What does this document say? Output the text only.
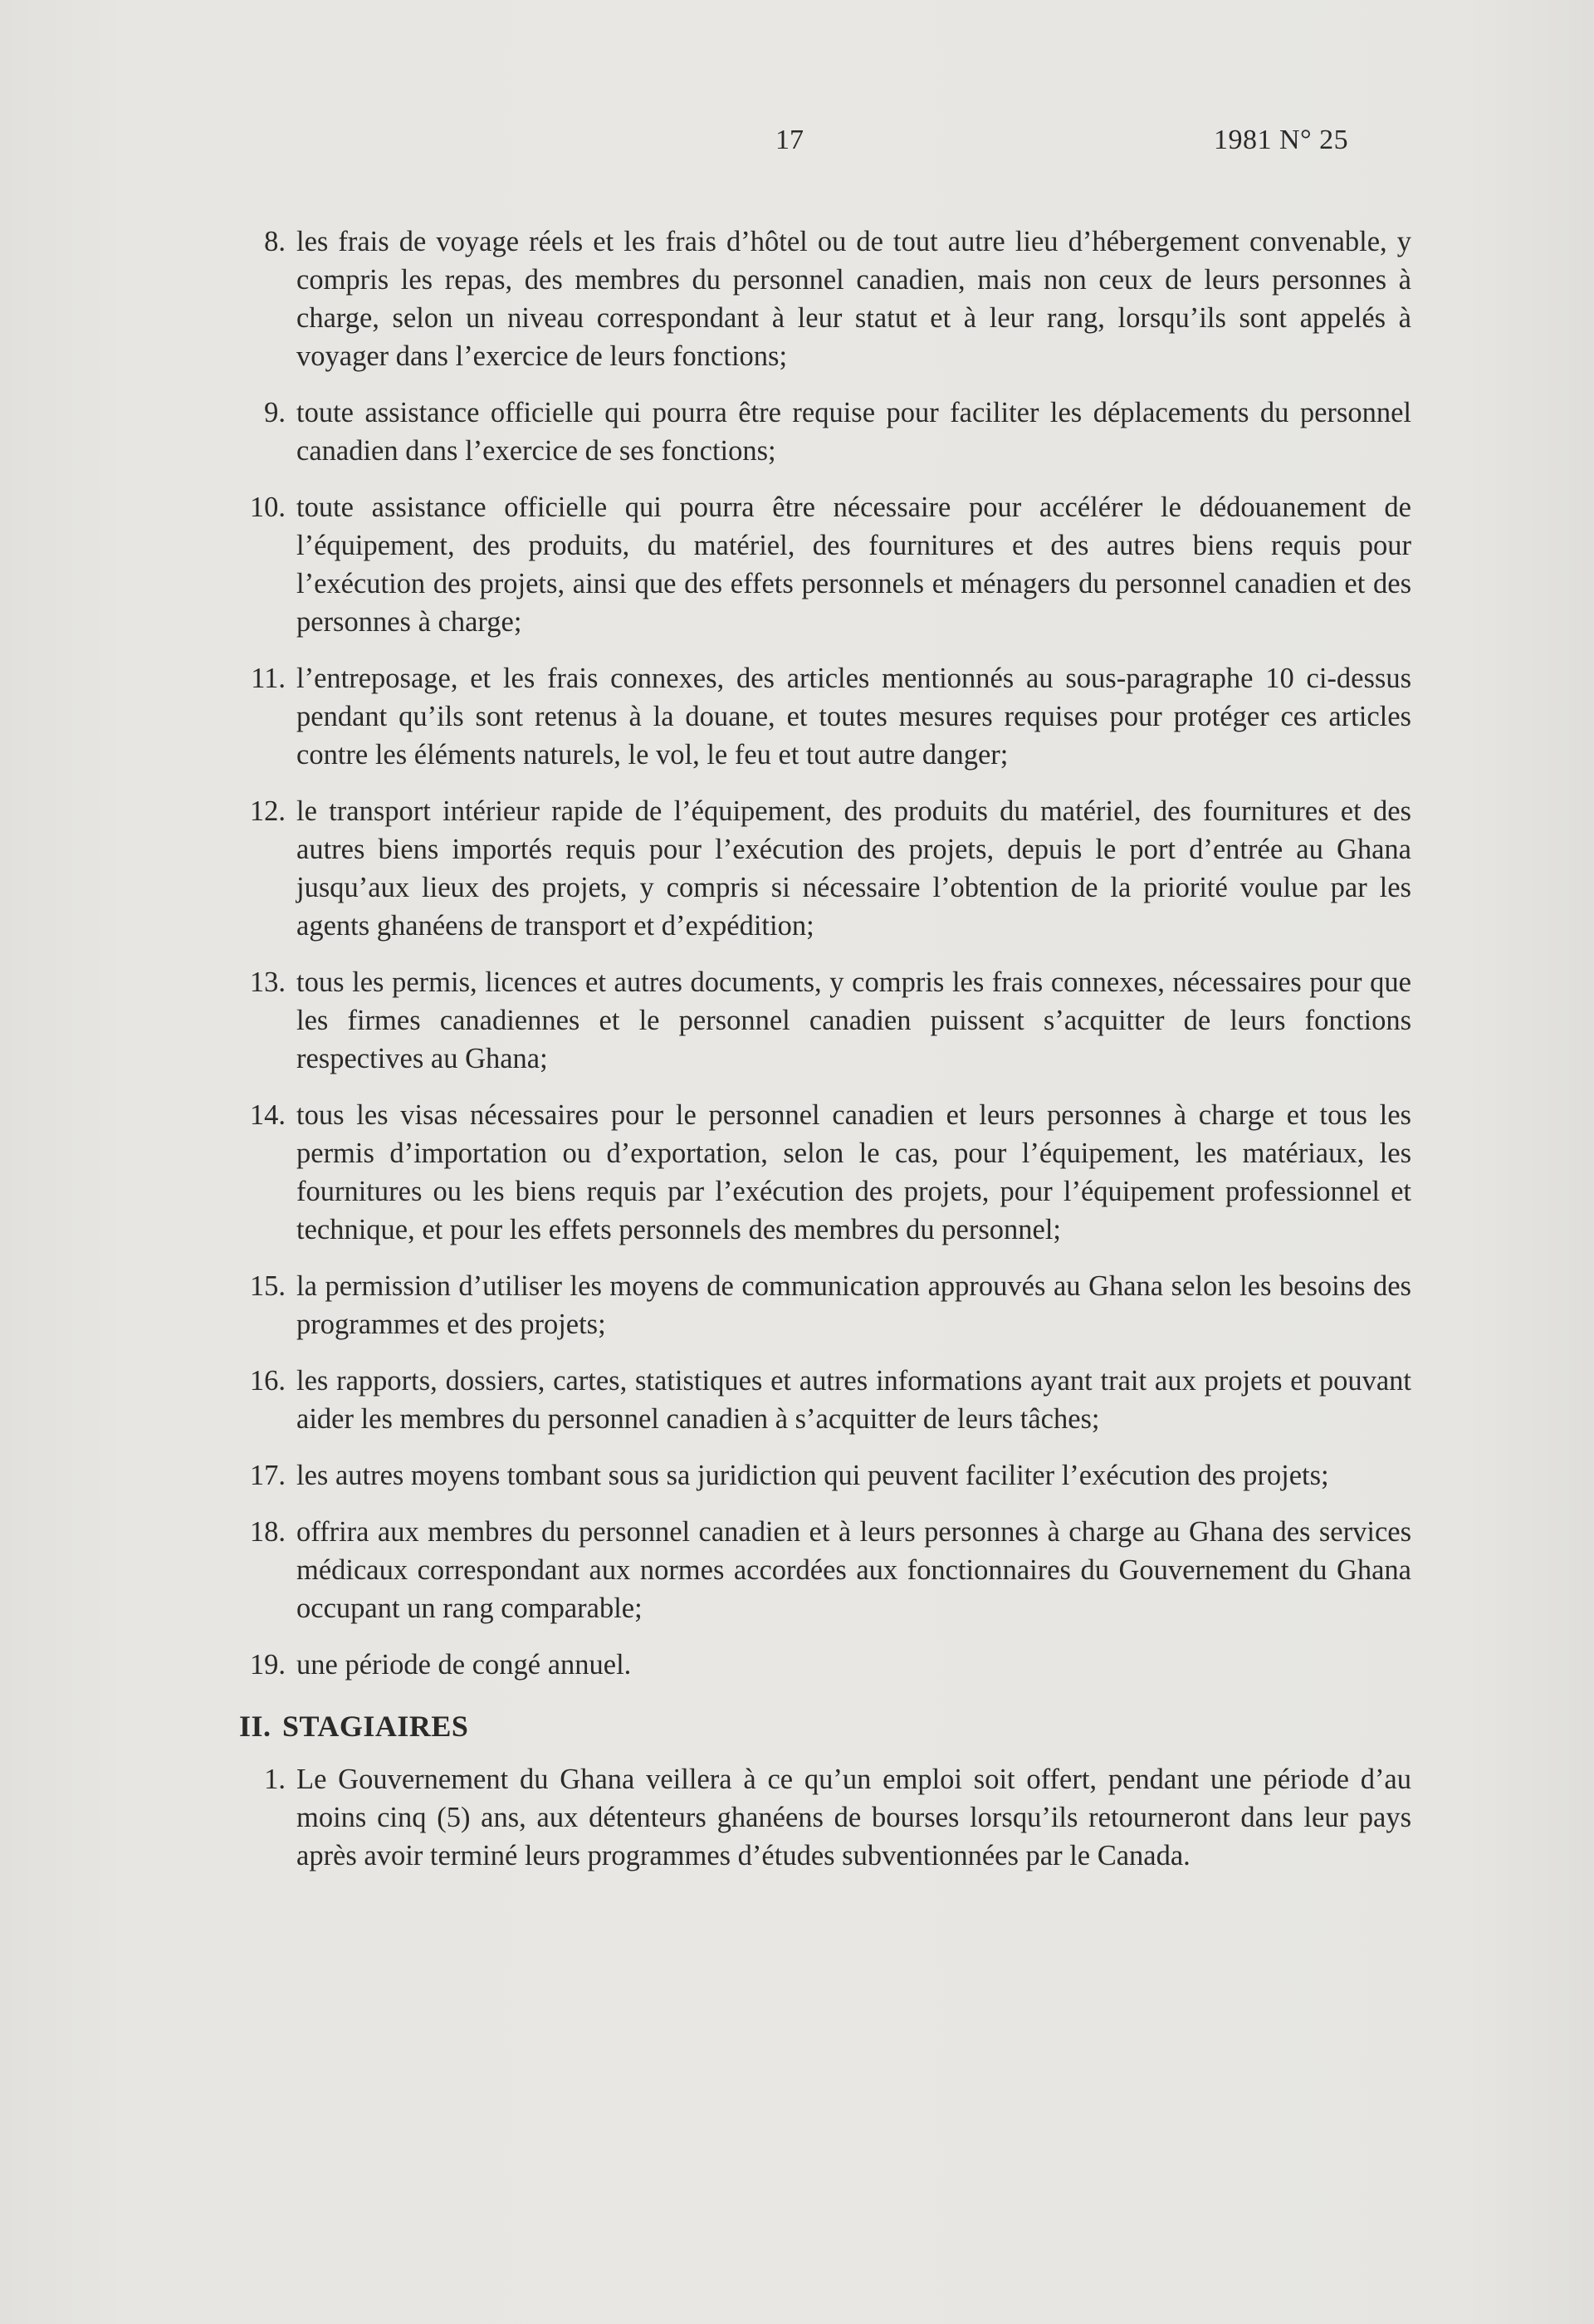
17	1981 N° 25
8. les frais de voyage réels et les frais d’hôtel ou de tout autre lieu d’hébergement convenable, y compris les repas, des membres du personnel canadien, mais non ceux de leurs personnes à charge, selon un niveau correspondant à leur statut et à leur rang, lorsqu’ils sont appelés à voyager dans l’exercice de leurs fonctions;
9. toute assistance officielle qui pourra être requise pour faciliter les déplacements du personnel canadien dans l’exercice de ses fonctions;
10. toute assistance officielle qui pourra être nécessaire pour accélérer le dédouanement de l’équipement, des produits, du matériel, des fournitures et des autres biens requis pour l’exécution des projets, ainsi que des effets personnels et ménagers du personnel canadien et des personnes à charge;
11. l’entreposage, et les frais connexes, des articles mentionnés au sous-paragraphe 10 ci-dessus pendant qu’ils sont retenus à la douane, et toutes mesures requises pour protéger ces articles contre les éléments naturels, le vol, le feu et tout autre danger;
12. le transport intérieur rapide de l’équipement, des produits du matériel, des fournitures et des autres biens importés requis pour l’exécution des projets, depuis le port d’entrée au Ghana jusqu’aux lieux des projets, y compris si nécessaire l’obtention de la priorité voulue par les agents ghanéens de transport et d’expédition;
13. tous les permis, licences et autres documents, y compris les frais connexes, nécessaires pour que les firmes canadiennes et le personnel canadien puissent s’acquitter de leurs fonctions respectives au Ghana;
14. tous les visas nécessaires pour le personnel canadien et leurs personnes à charge et tous les permis d’importation ou d’exportation, selon le cas, pour l’équipement, les matériaux, les fournitures ou les biens requis par l’exécution des projets, pour l’équipement professionnel et technique, et pour les effets personnels des membres du personnel;
15. la permission d’utiliser les moyens de communication approuvés au Ghana selon les besoins des programmes et des projets;
16. les rapports, dossiers, cartes, statistiques et autres informations ayant trait aux projets et pouvant aider les membres du personnel canadien à s’acquitter de leurs tâches;
17. les autres moyens tombant sous sa juridiction qui peuvent faciliter l’exécution des projets;
18. offrira aux membres du personnel canadien et à leurs personnes à charge au Ghana des services médicaux correspondant aux normes accordées aux fonctionnaires du Gouvernement du Ghana occupant un rang comparable;
19. une période de congé annuel.
II. STAGIAIRES
1. Le Gouvernement du Ghana veillera à ce qu’un emploi soit offert, pendant une période d’au moins cinq (5) ans, aux détenteurs ghanéens de bourses lorsqu’ils retourneront dans leur pays après avoir terminé leurs programmes d’études subventionnées par le Canada.
